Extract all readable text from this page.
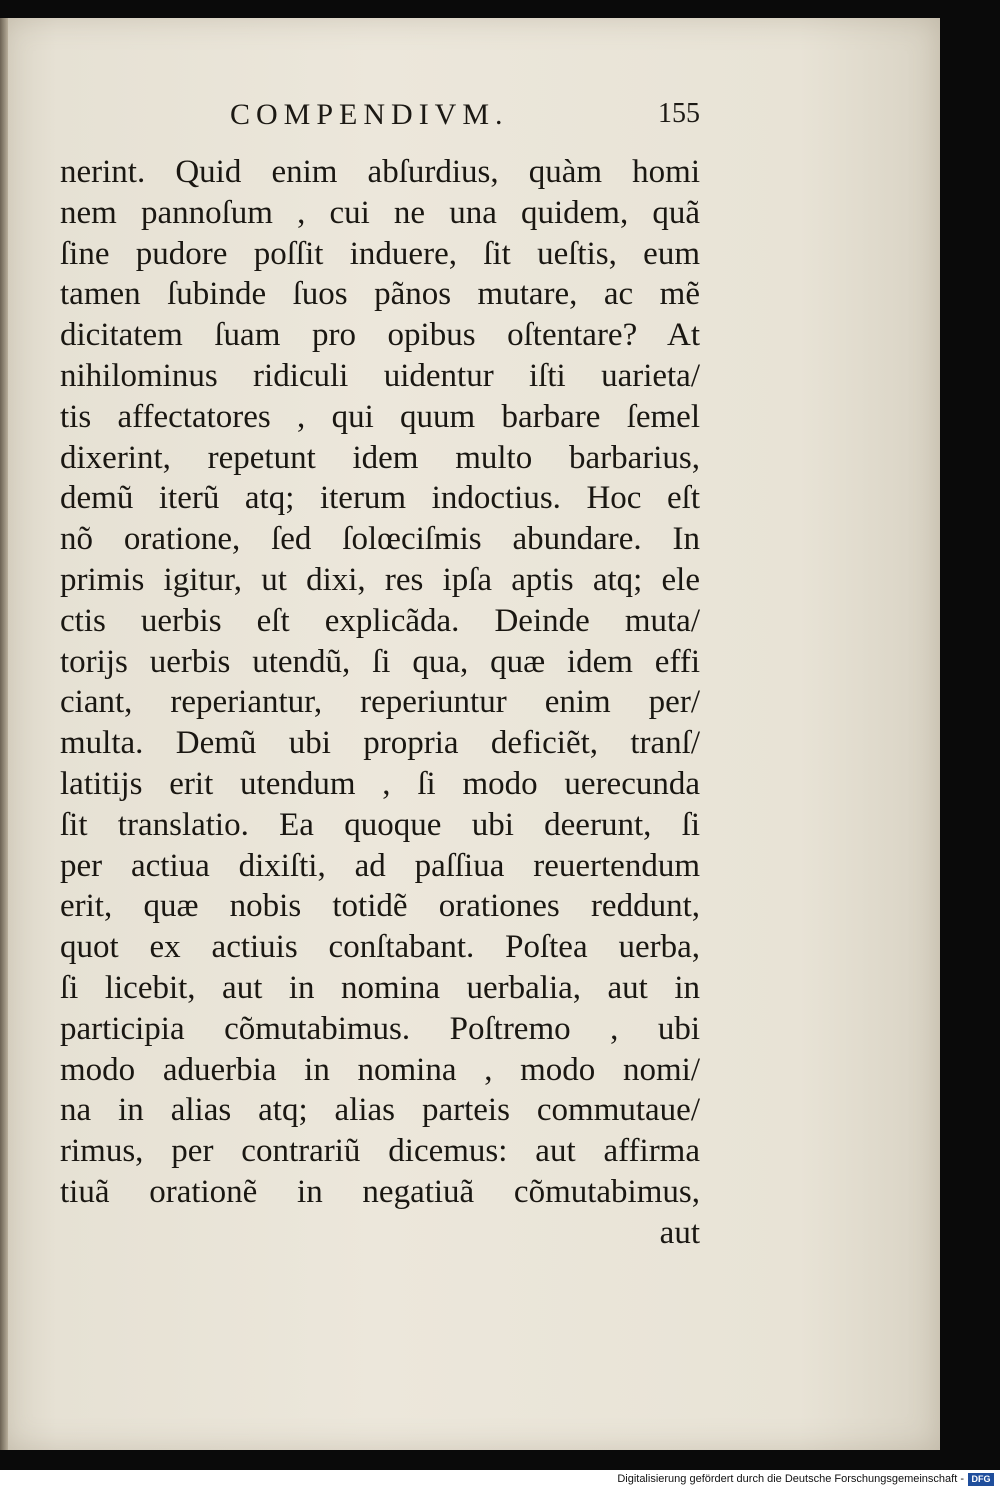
COMPENDIVM.	155
nerint. Quid enim abſurdius, quàm homi
nem pannoſum , cui ne una quidem, quã
ſine pudore poſſit induere, ſit ueſtis, eum
tamen ſubinde ſuos pãnos mutare, ac mẽ
dicitatem ſuam pro opibus oſtentare? At
nihilominus ridiculi uidentur iſti uarieta/
tis affectatores , qui quum barbare ſemel
dixerint, repetunt idem multo barbarius,
demũ iterũ atq; iterum indoctius. Hoc eſt
nõ oratione, ſed ſolœciſmis abundare. In
primis igitur, ut dixi, res ipſa aptis atq; ele
ctis uerbis eſt explicãda. Deinde muta/
torijs uerbis utendũ, ſi qua, quæ idem effi
ciant, reperiantur, reperiuntur enim per/
multa. Demũ ubi propria deficiẽt, tranſ/
latitijs erit utendum , ſi modo uerecunda
ſit translatio. Ea quoque ubi deerunt, ſi
per actiua dixiſti, ad paſſiua reuertendum
erit, quæ nobis totidẽ orationes reddunt,
quot ex actiuis conſtabant. Poſtea uerba,
ſi licebit, aut in nomina uerbalia, aut in
participia cõmutabimus. Poſtremo , ubi
modo aduerbia in nomina , modo nomi/
na in alias atq; alias parteis commutaue/
rimus, per contrariũ dicemus: aut affirma
tiuã orationẽ in negatiuã cõmutabimus,
aut
Digitalisierung gefördert durch die Deutsche Forschungsgemeinschaft - DFG
